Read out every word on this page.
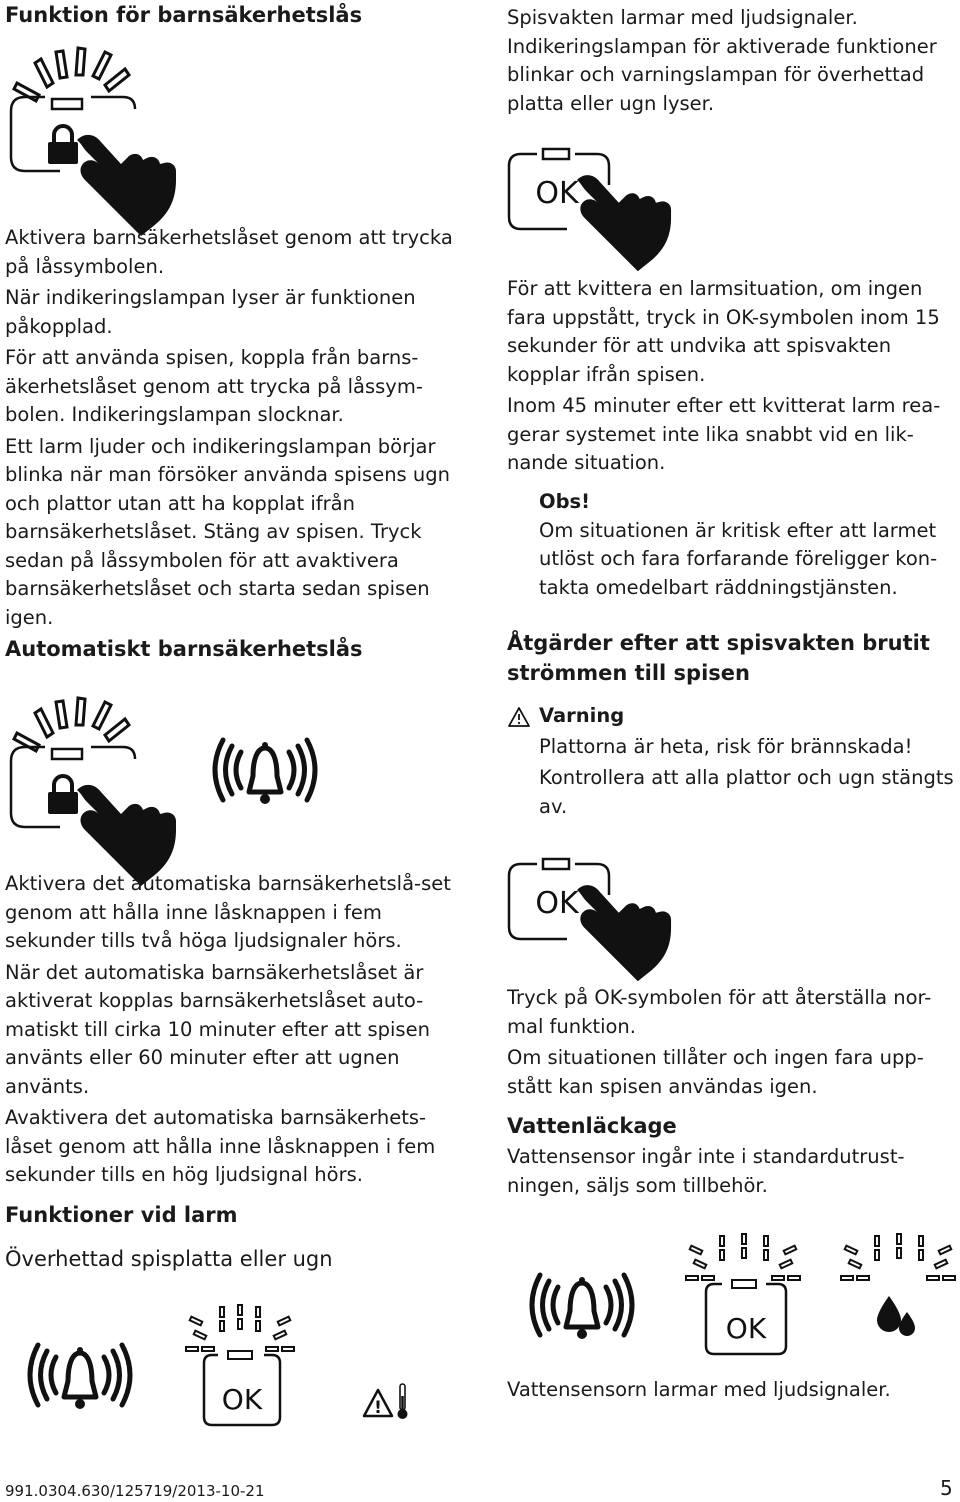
Funktion för barnsäkerhetslås

Aktivera barnsäkerhetslåset genom att trycka på låssymbolen.

När indikeringslampan lyser är funktionen påkopplad.

För att använda spisen, koppla från barns-äkerhetslåset genom att trycka på låssym-bolen. Indikeringslampan slocknar.

Ett larm ljuder och indikeringslampan börjar blinka när man försöker använda spisens ugn och plattor utan att ha kopplat ifrån barnsäkerhetslåset. Stäng av spisen. Tryck sedan på låssymbolen för att avaktivera barnsäkerhetslåset och starta sedan spisen igen.

Automatiskt barnsäkerhetslås

Aktivera det automatiska barnsäkerhetslå-set genom att hålla inne låsknappen i fem sekunder tills två höga ljudsignaler hörs.

När det automatiska barnsäkerhetslåset är aktiverat kopplas barnsäkerhetslåset auto-matiskt till cirka 10 minuter efter att spisen använts eller 60 minuter efter att ugnen använts.

Avaktivera det automatiska barnsäkerhets-låset genom att hålla inne låsknappen i fem sekunder tills en hög ljudsignal hörs.

Funktioner vid larm

Överhettad spisplatta eller ugn

OK	!

Spisvakten larmar med ljudsignaler. Indikeringslampan för aktiverade funktioner blinkar och varningslampan för överhettad platta eller ugn lyser.

OK

För att kvittera en larmsituation, om ingen fara uppstått, tryck in OK-symbolen inom 15 sekunder för att undvika att spisvakten kopplar ifrån spisen.

Inom 45 minuter efter ett kvitterat larm rea-gerar systemet inte lika snabbt vid en lik-nande situation.

Obs!

Om situationen är kritisk efter att larmet utlöst och fara forfarande föreligger kon-takta omedelbart räddningstjänsten.

Åtgärder efter att spisvakten brutit strömmen till spisen

Varning

Plattorna är heta, risk för brännskada!

Kontrollera att alla plattor och ugn stängts av.

OK

Tryck på OK-symbolen för att återställa nor-mal funktion.

Om situationen tillåter och ingen fara upp-stått kan spisen användas igen.

Vattenläckage

Vattensensor ingår inte i standardutrust-ningen, säljs som tillbehör.

OK

Vattensensorn larmar med ljudsignaler.

991.0304.630/125719/2013-10-21	5
